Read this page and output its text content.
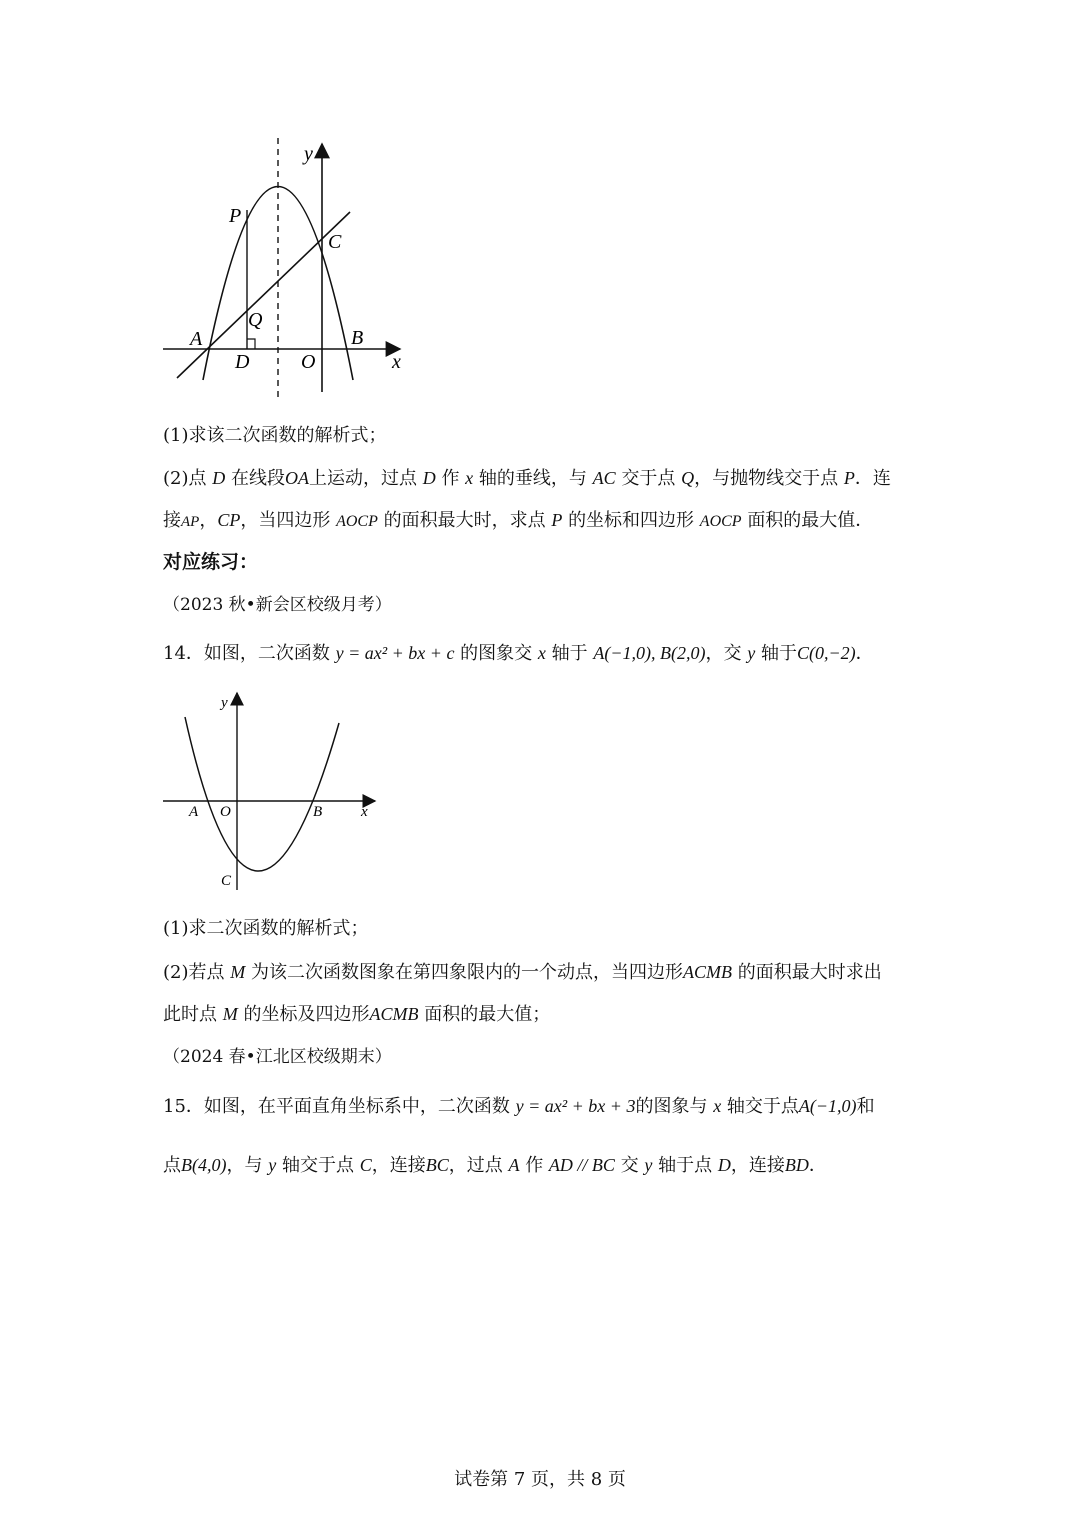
y
x
P
C
Q
A	B
D	O
(1)求该二次函数的解析式；
(2)点 D 在线段OA上运动，过点 D 作 x 轴的垂线，与 AC 交于点 Q，与抛物线交于点 P．连
接AP，CP，当四边形 AOCP 的面积最大时，求点 P 的坐标和四边形 AOCP 面积的最大值．
对应练习：
（2023 秋•新会区校级月考）
14．如图，二次函数 y = ax² + bx + c 的图象交 x 轴于 A(−1,0), B(2,0)，交 y 轴于C(0,−2)．
y
x
A O	B
C
(1)求二次函数的解析式；
(2)若点 M 为该二次函数图象在第四象限内的一个动点，当四边形ACMB 的面积最大时求出
此时点 M 的坐标及四边形ACMB 面积的最大值；
（2024 春•江北区校级期末）
15．如图，在平面直角坐标系中，二次函数 y = ax² + bx + 3的图象与 x 轴交于点A(−1,0)和
点B(4,0)，与 y 轴交于点 C，连接BC，过点 A 作 AD // BC 交 y 轴于点 D，连接BD．
试卷第 7 页，共 8 页
